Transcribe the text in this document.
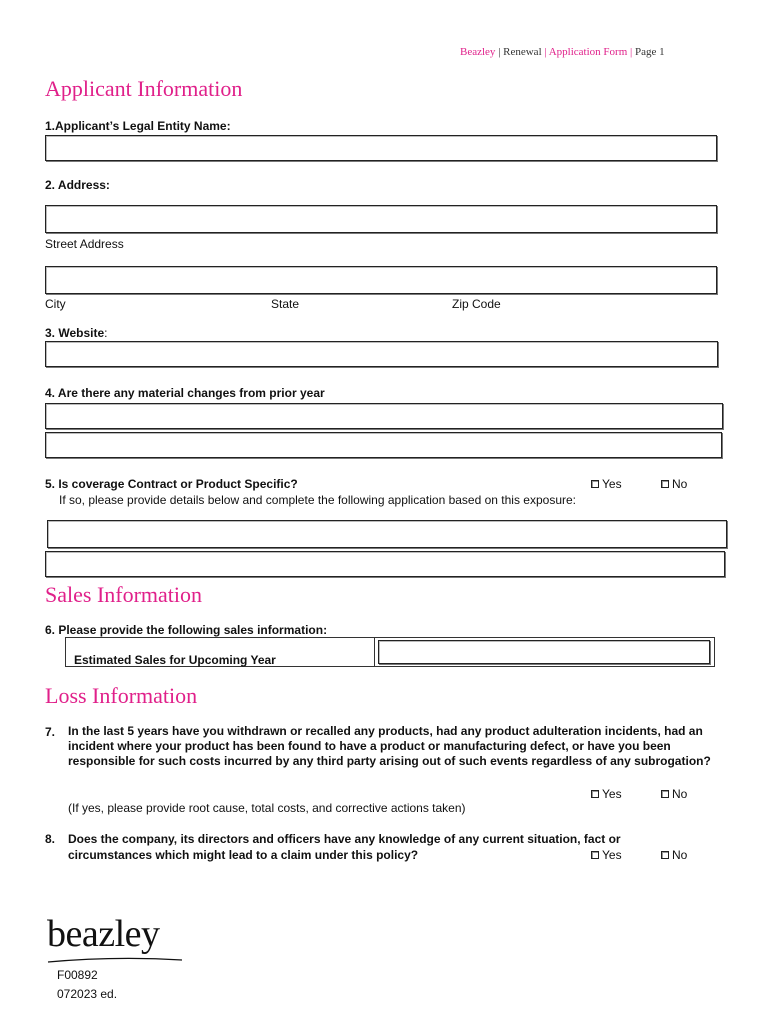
Beazley | Renewal | Application Form | Page 1
Applicant Information
1.Applicant’s Legal Entity Name:
2. Address:
Street Address
City	State	Zip Code
3. Website:
4. Are there any material changes from prior year
5. Is coverage Contract or Product Specific?	Yes	No
If so, please provide details below and complete the following application based on this exposure:
Sales Information
6. Please provide the following sales information:
Estimated Sales for Upcoming Year
Loss Information
7. In the last 5 years have you withdrawn or recalled any products, had any product adulteration incidents, had an incident where your product has been found to have a product or manufacturing defect, or have you been responsible for such costs incurred by any third party arising out of such events regardless of any subrogation?
Yes	No
(If yes, please provide root cause, total costs, and corrective actions taken)
8. Does the company, its directors and officers have any knowledge of any current situation, fact or
circumstances which might lead to a claim under this policy?	Yes	No
beazley
F00892
072023 ed.
